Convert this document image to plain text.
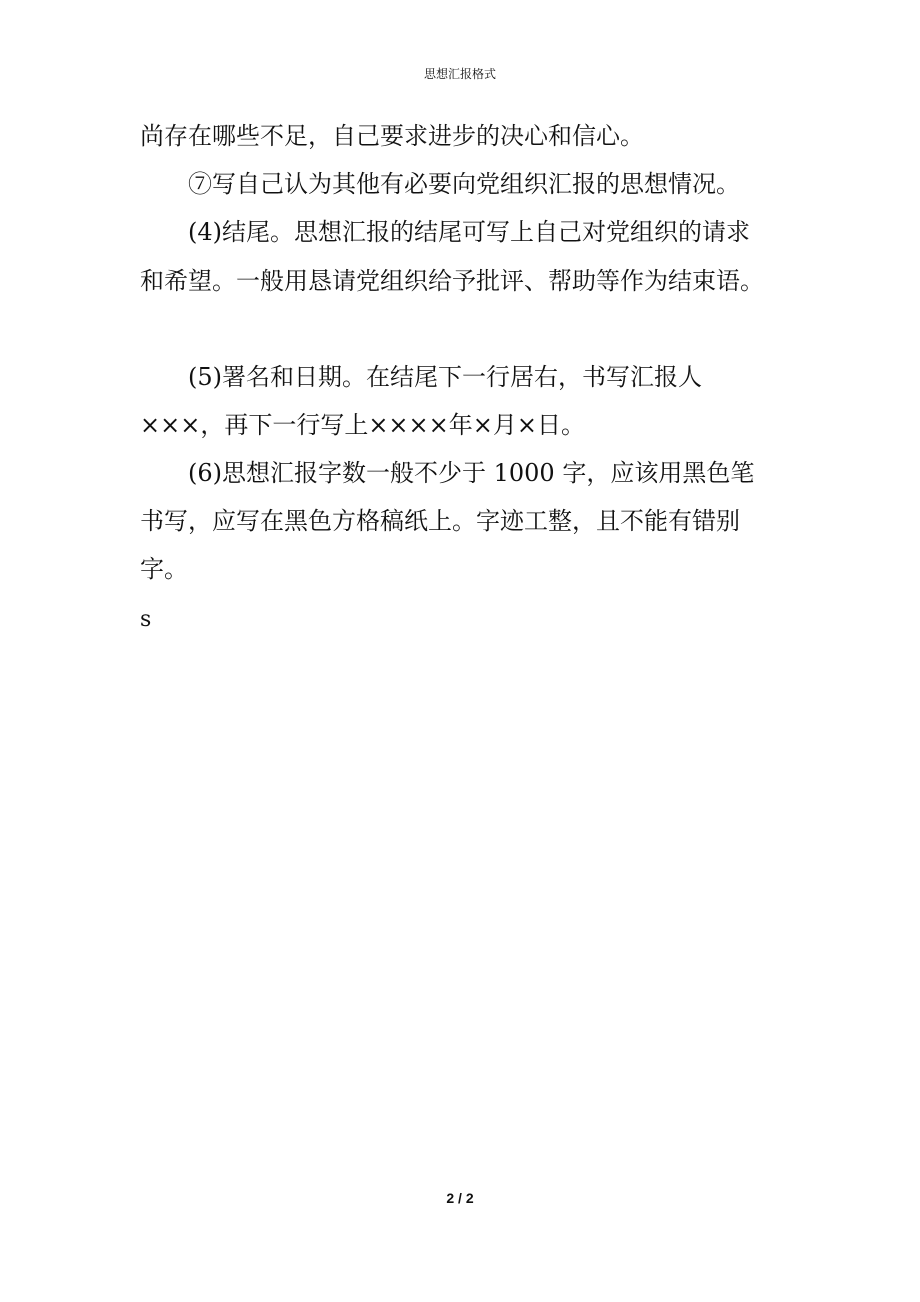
思想汇报格式
尚存在哪些不足，自己要求进步的决心和信心。
⑦写自己认为其他有必要向党组织汇报的思想情况。
(4)结尾。思想汇报的结尾可写上自己对党组织的请求
和希望。一般用恳请党组织给予批评、帮助等作为结束语。
(5)署名和日期。在结尾下一行居右，书写汇报人
×××，再下一行写上××××年×月×日。
(6)思想汇报字数一般不少于 1000 字，应该用黑色笔
书写，应写在黑色方格稿纸上。字迹工整，且不能有错别
字。
s
2 / 2
